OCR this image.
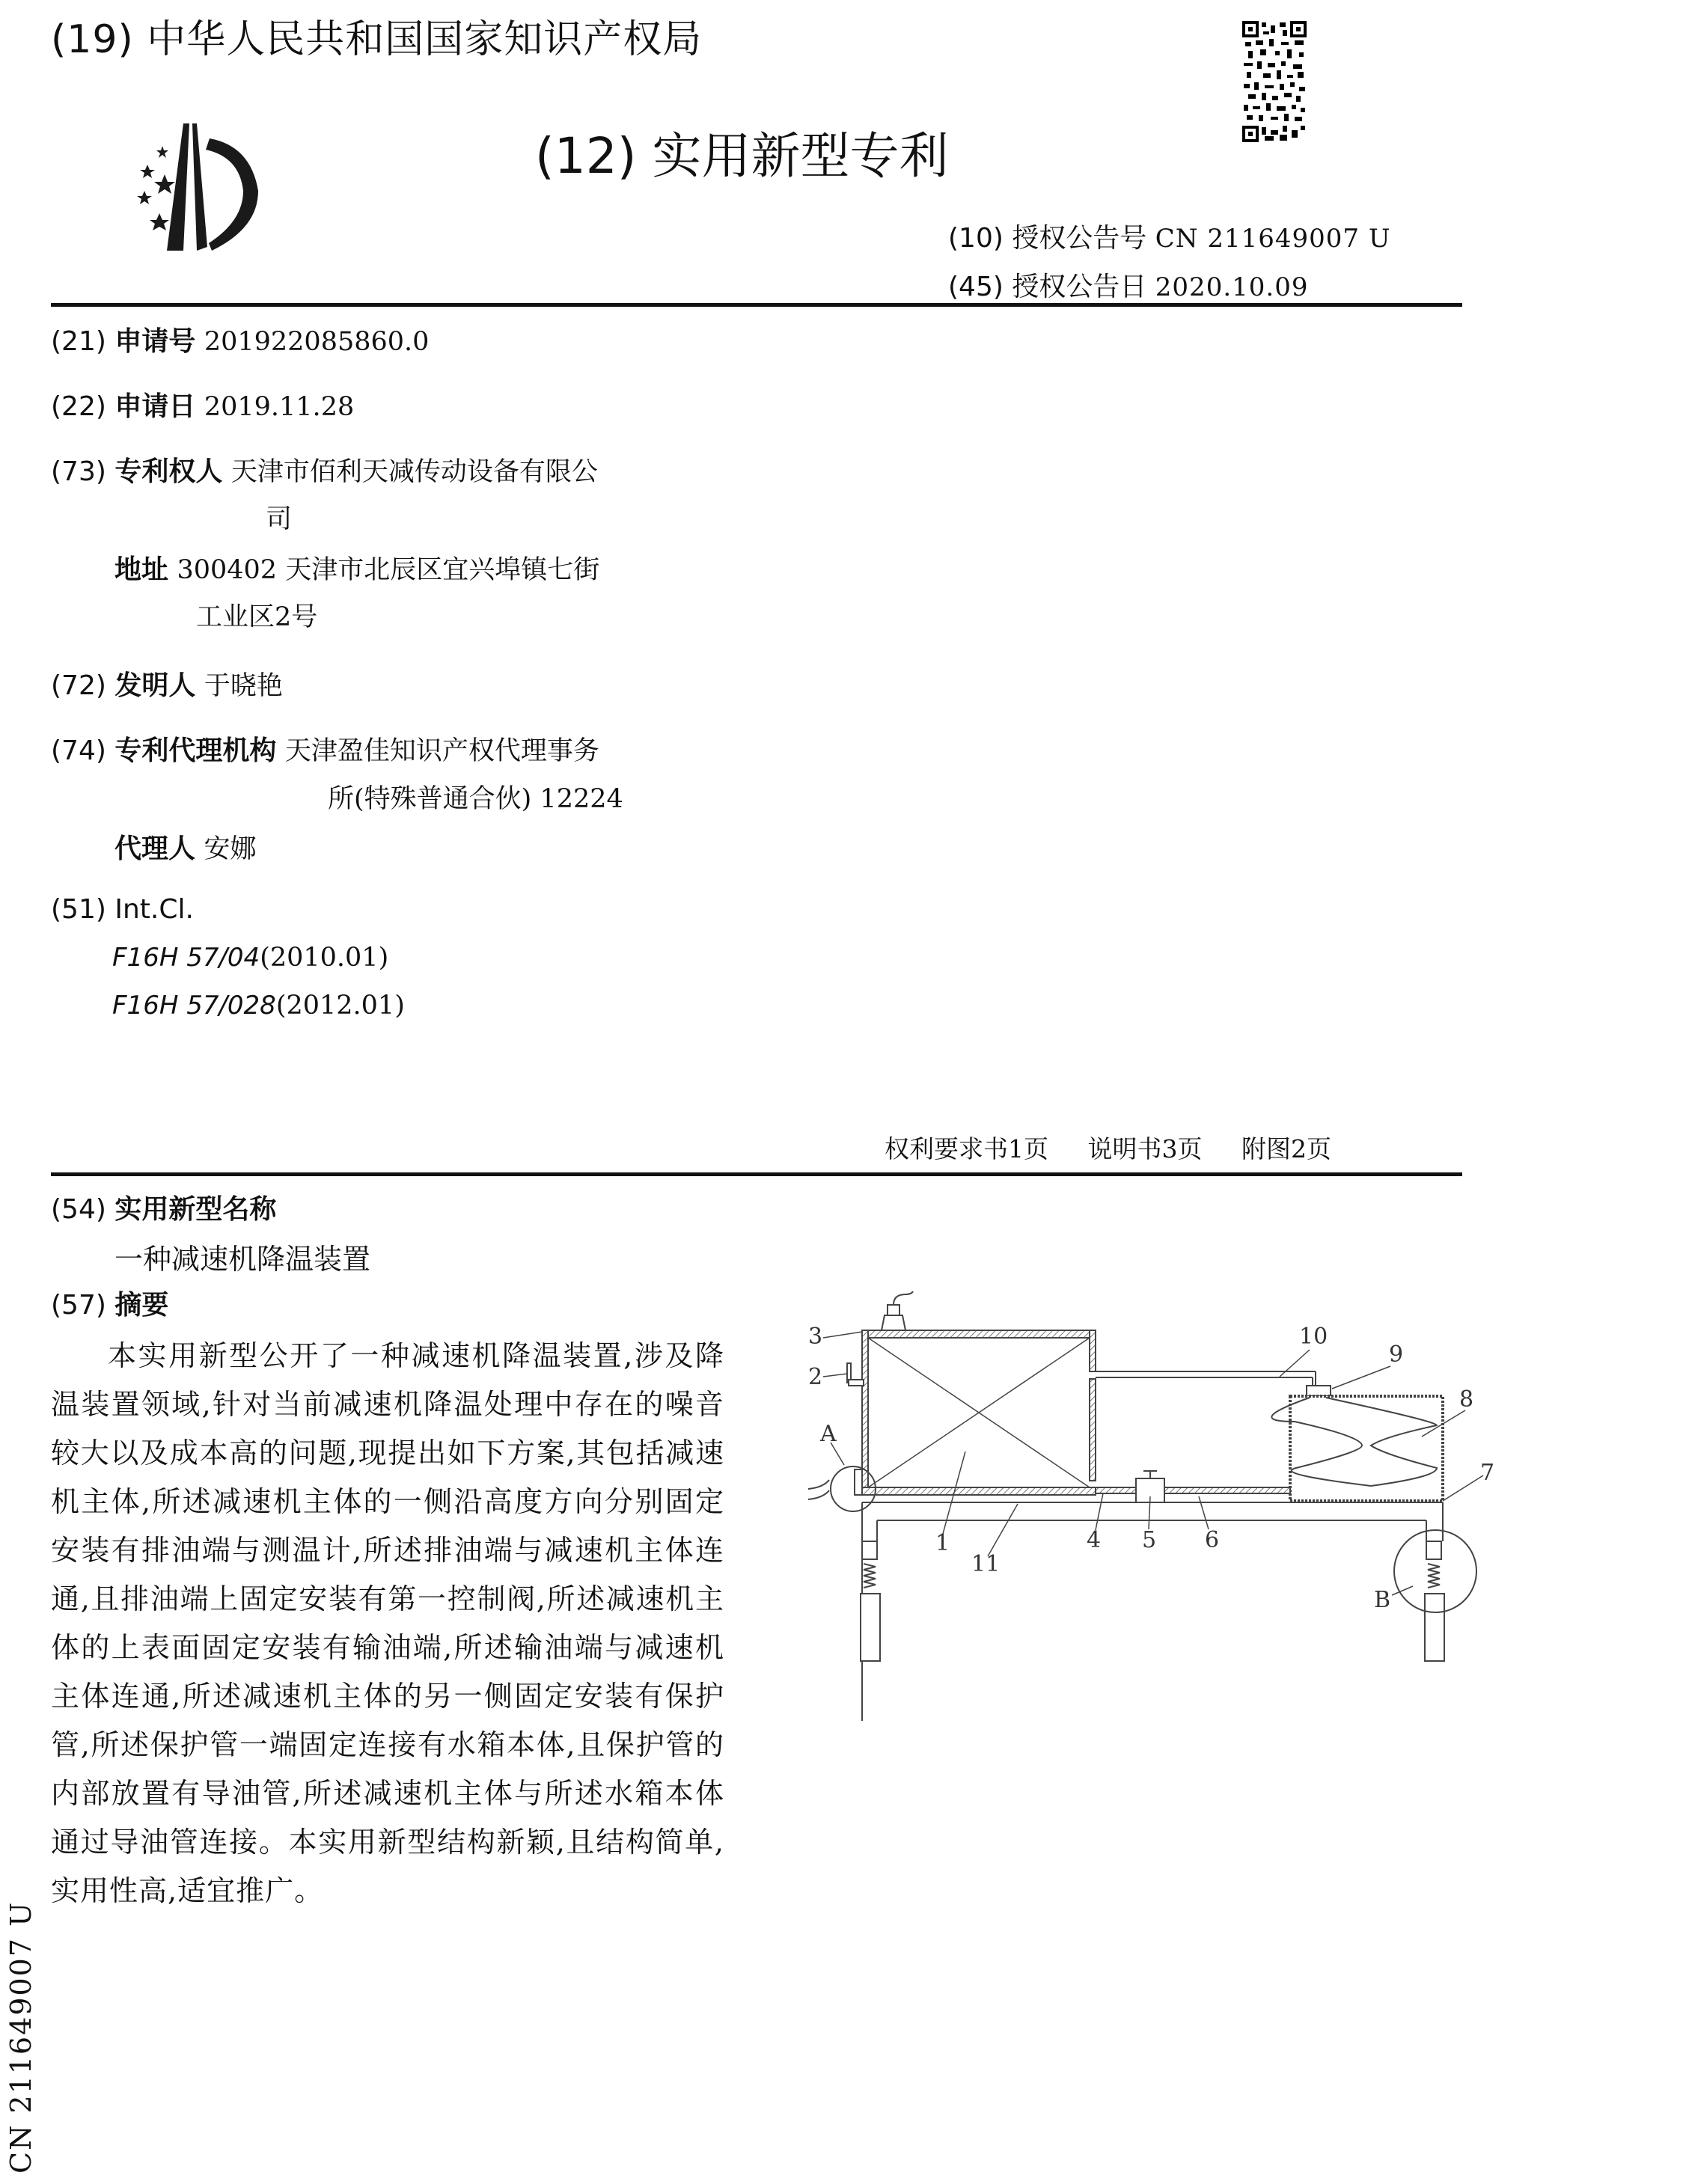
(19) 中华人民共和国国家知识产权局
(12) 实用新型专利
(10) 授权公告号 CN 211649007 U
(45) 授权公告日 2020.10.09
(21) 申请号 201922085860.0
(22) 申请日 2019.11.28
(73) 专利权人 天津市佰利天减传动设备有限公
司
地址 300402 天津市北辰区宜兴埠镇七街
工业区2号
(72) 发明人 于晓艳
(74) 专利代理机构 天津盈佳知识产权代理事务
所(特殊普通合伙) 12224
代理人 安娜
(51) Int.Cl.
F16H 57/04(2010.01)
F16H 57/028(2012.01)
权利要求书1页 说明书3页 附图2页
(54) 实用新型名称
一种减速机降温装置
(57) 摘要
本实用新型公开了一种减速机降温装置,涉及降温装置领域,针对当前减速机降温处理中存在的噪音较大以及成本高的问题,现提出如下方案,其包括减速机主体,所述减速机主体的一侧沿高度方向分别固定安装有排油端与测温计,所述排油端与减速机主体连通,且排油端上固定安装有第一控制阀,所述减速机主体的上表面固定安装有输油端,所述输油端与减速机主体连通,所述减速机主体的另一侧固定安装有保护管,所述保护管一端固定连接有水箱本体,且保护管的内部放置有导油管,所述减速机主体与所述水箱本体通过导油管连接。本实用新型结构新颖,且结构简单,实用性高,适宜推广。
3
2
A
1
11
4 5 6
7
8
9
10
B
CN 211649007 U
